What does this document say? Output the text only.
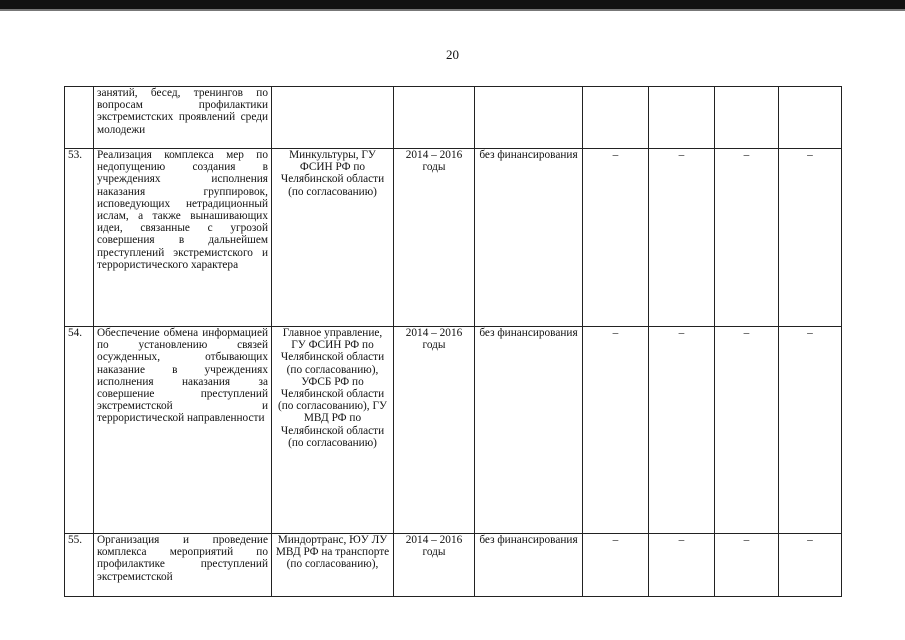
20
	занятий, бесед, тренингов по вопросам профилактики экстремистских проявлений среди молодежи							
53.	Реализация комплекса мер по недопущению создания в учреждениях исполнения наказания группировок, исповедующих нетрадиционный ислам, а также вынашивающих идеи, связанные с угрозой совершения в дальнейшем преступлений экстремистского и террористического характера	Минкультуры, ГУ ФСИН РФ по Челябинской области (по согласованию)	2014 – 2016 годы	без финансирования	–	–	–	–
54.	Обеспечение обмена информацией по установлению связей осужденных, отбывающих наказание в учреждениях исполнения наказания за совершение преступлений экстремистской и террористической направленности	Главное управление, ГУ ФСИН РФ по Челябинской области (по согласованию), УФСБ РФ по Челябинской области (по согласованию), ГУ МВД РФ по Челябинской области (по согласованию)	2014 – 2016 годы	без финансирования	–	–	–	–
55.	Организация и проведение комплекса мероприятий по профилактике преступлений экстремистской	Миндортранс, ЮУ ЛУ МВД РФ на транспорте (по согласованию),	2014 – 2016 годы	без финансирования	–	–	–	–
